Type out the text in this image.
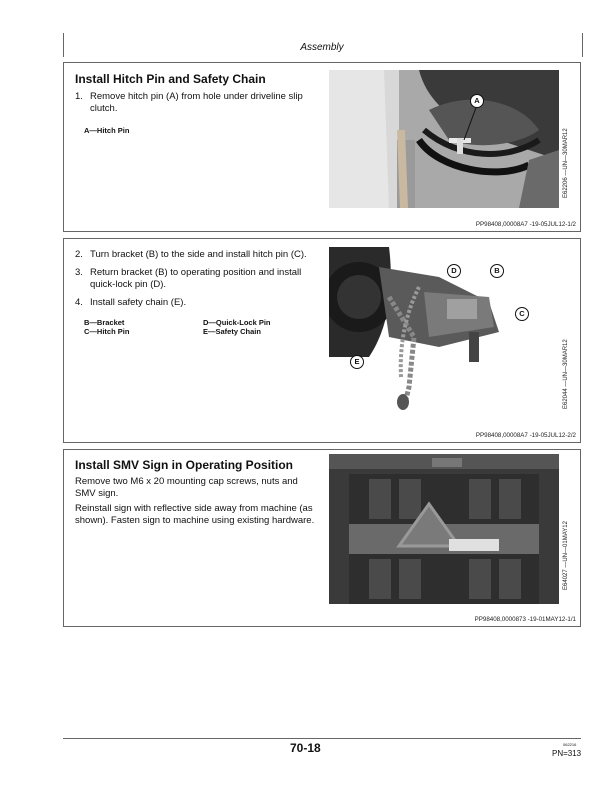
Assembly
Install Hitch Pin and Safety Chain
1. Remove hitch pin (A) from hole under driveline slip clutch.
A—Hitch Pin
A
E62206 —UN—30MAR12
PP98408,00008A7 -19-05JUL12-1/2
2. Turn bracket (B) to the side and install hitch pin (C).
3. Return bracket (B) to operating position and install quick-lock pin (D).
4. Install safety chain (E).
B—Bracket
C—Hitch Pin
D—Quick-Lock Pin
E—Safety Chain
D	B
C
E	E62044 —UN—30MAR12
PP98408,00008A7 -19-05JUL12-2/2
Install SMV Sign in Operating Position

Remove two M6 x 20 mounting cap screws, nuts and SMV sign.

Reinstall sign with reflective side away from machine (as shown). Fasten sign to machine using existing hardware.

E64027 —UN—01MAY12
PP98408,0000873 -19-01MAY12-1/1
70-18	062216
PN=313
